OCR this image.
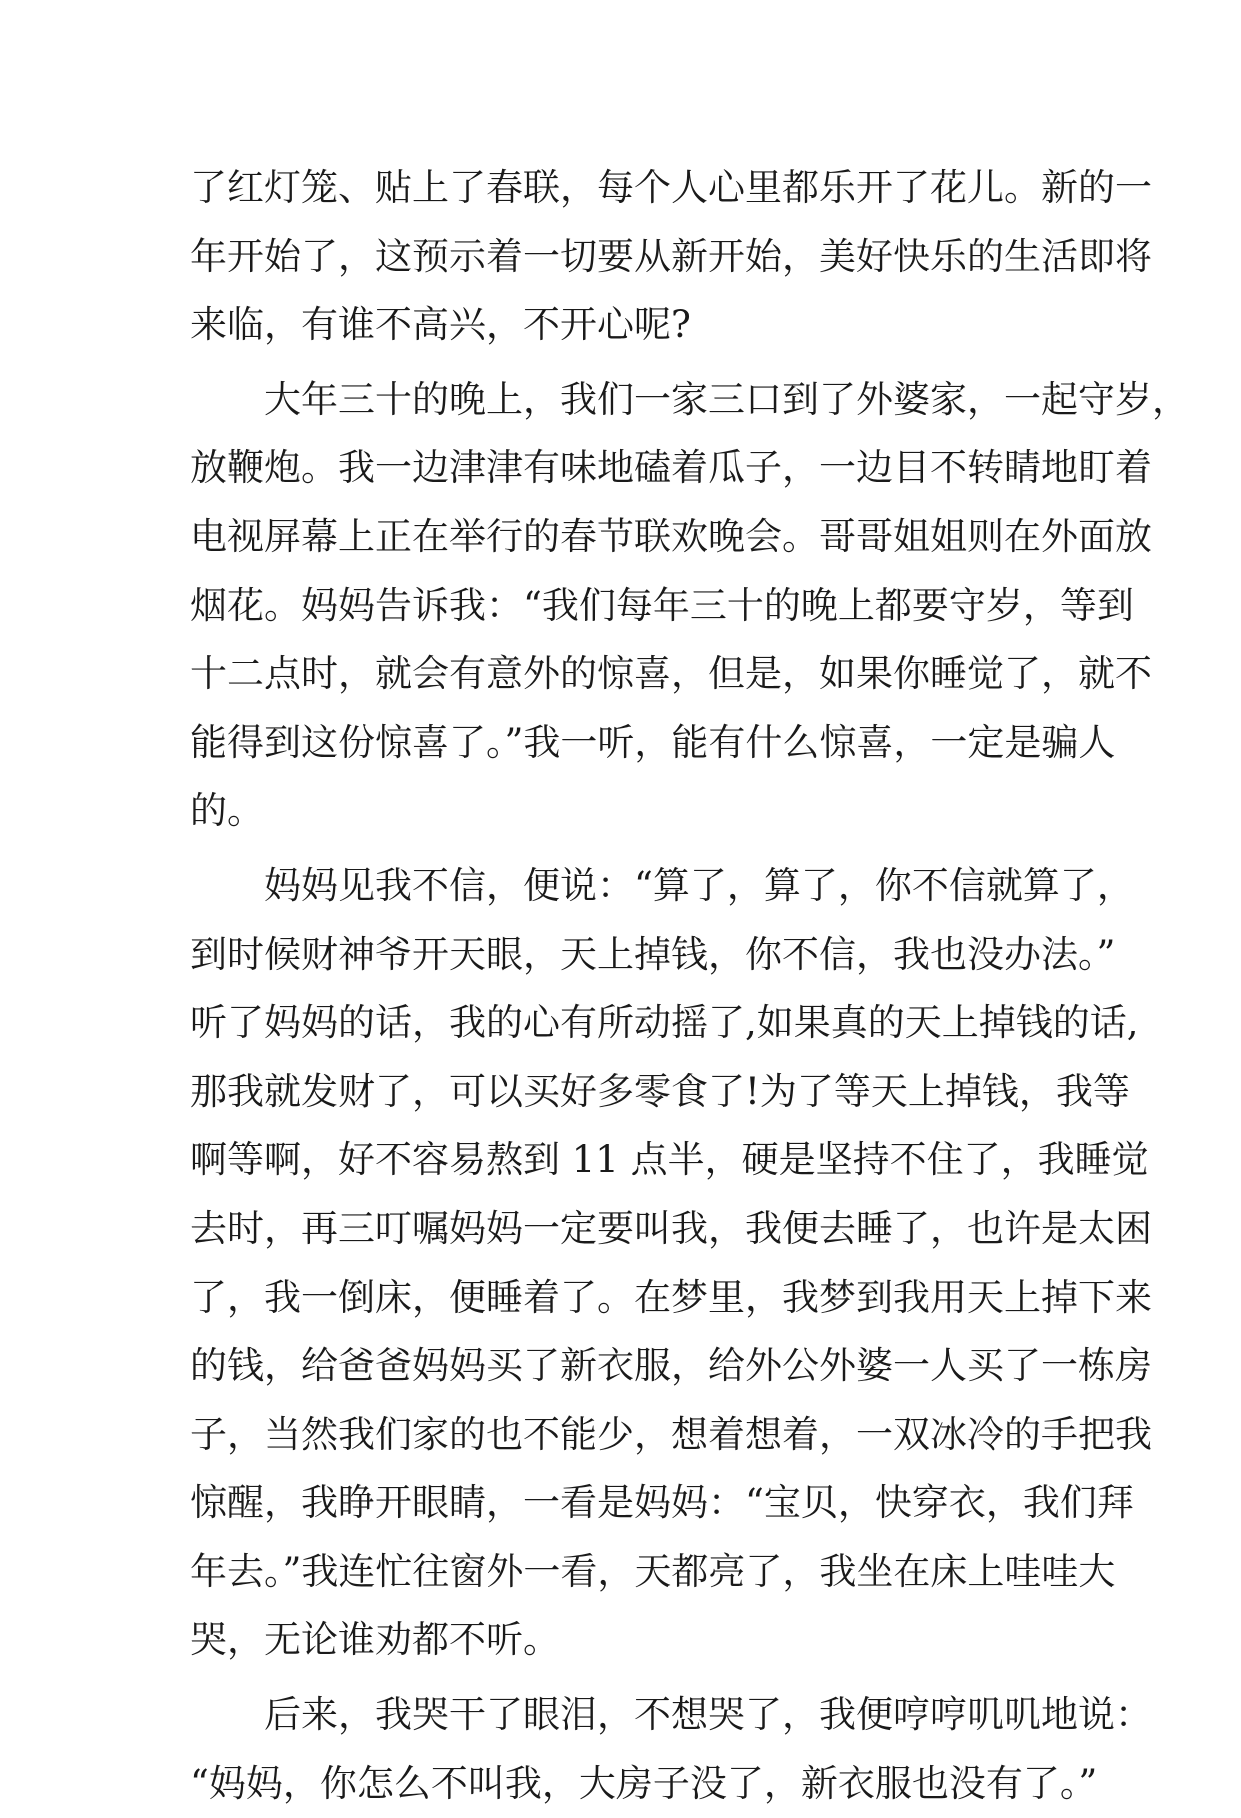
了红灯笼、贴上了春联，每个人心里都乐开了花儿。新的一
年开始了，这预示着一切要从新开始，美好快乐的生活即将
来临，有谁不高兴，不开心呢?
大年三十的晚上，我们一家三口到了外婆家，一起守岁，
放鞭炮。我一边津津有味地磕着瓜子，一边目不转睛地盯着
电视屏幕上正在举行的春节联欢晚会。哥哥姐姐则在外面放
烟花。妈妈告诉我：“我们每年三十的晚上都要守岁，等到
十二点时，就会有意外的惊喜，但是，如果你睡觉了，就不
能得到这份惊喜了。”我一听，能有什么惊喜，一定是骗人
的。
妈妈见我不信，便说：“算了，算了，你不信就算了，
到时候财神爷开天眼，天上掉钱，你不信，我也没办法。”
听了妈妈的话，我的心有所动摇了,如果真的天上掉钱的话,
那我就发财了，可以买好多零食了!为了等天上掉钱，我等
啊等啊，好不容易熬到 11 点半，硬是坚持不住了，我睡觉
去时，再三叮嘱妈妈一定要叫我，我便去睡了，也许是太困
了，我一倒床，便睡着了。在梦里，我梦到我用天上掉下来
的钱，给爸爸妈妈买了新衣服，给外公外婆一人买了一栋房
子，当然我们家的也不能少，想着想着，一双冰冷的手把我
惊醒，我睁开眼睛，一看是妈妈：“宝贝，快穿衣，我们拜
年去。”我连忙往窗外一看，天都亮了，我坐在床上哇哇大
哭，无论谁劝都不听。
后来，我哭干了眼泪，不想哭了，我便哼哼叽叽地说：
“妈妈，你怎么不叫我，大房子没了，新衣服也没有了。”
